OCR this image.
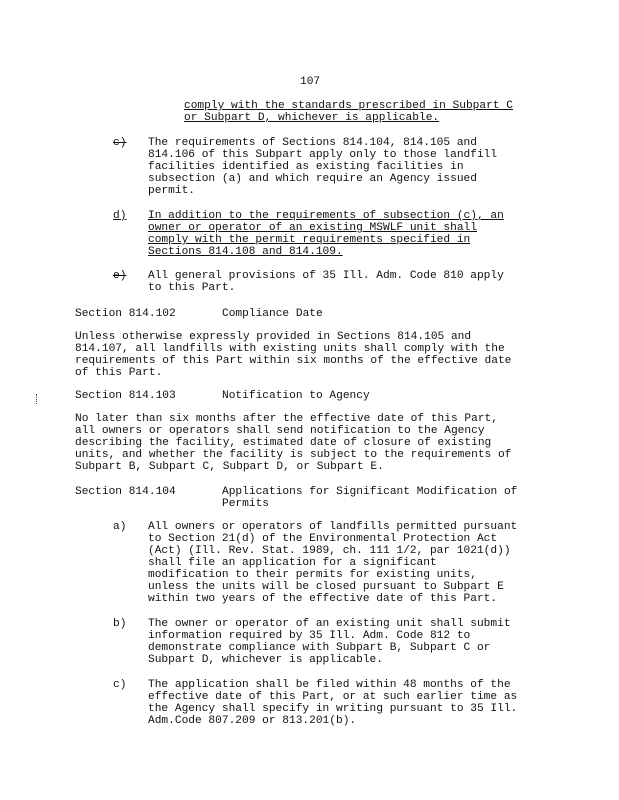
107
comply with the standards prescribed in Subpart C
or Subpart D, whichever is applicable.
c) The requirements of Sections 814.104, 814.105 and
814.106 of this Subpart apply only to those landfill
facilities identified as existing facilities in
subsection (a) and which require an Agency issued
permit.
d) In addition to the requirements of subsection (c), an
owner or operator of an existing MSWLF unit shall
comply with the permit requirements specified in
Sections 814.108 and 814.109.
e) All general provisions of 35 Ill. Adm. Code 810 apply
to this Part.
Section 814.102	Compliance Date
Unless otherwise expressly provided in Sections 814.105 and
814.107, all landfills with existing units shall comply with the
requirements of this Part within six months of the effective date
of this Part.
Section 814.103	Notification to Agency
No later than six months after the effective date of this Part,
all owners or operators shall send notification to the Agency
describing the facility, estimated date of closure of existing
units, and whether the facility is subject to the requirements of
Subpart B, Subpart C, Subpart D, or Subpart E.
Section 814.104	Applications for Significant Modification of
Permits
a) All owners or operators of landfills permitted pursuant
to Section 21(d) of the Environmental Protection Act
(Act) (Ill. Rev. Stat. 1989, ch. 111 1/2, par 1021(d))
shall file an application for a significant
modification to their permits for existing units,
unless the units will be closed pursuant to Subpart E
within two years of the effective date of this Part.
b) The owner or operator of an existing unit shall submit
information required by 35 Ill. Adm. Code 812 to
demonstrate compliance with Subpart B, Subpart C or
Subpart D, whichever is applicable.
c) The application shall be filed within 48 months of the
effective date of this Part, or at such earlier time as
the Agency shall specify in writing pursuant to 35 Ill.
Adm.Code 807.209 or 813.201(b).
